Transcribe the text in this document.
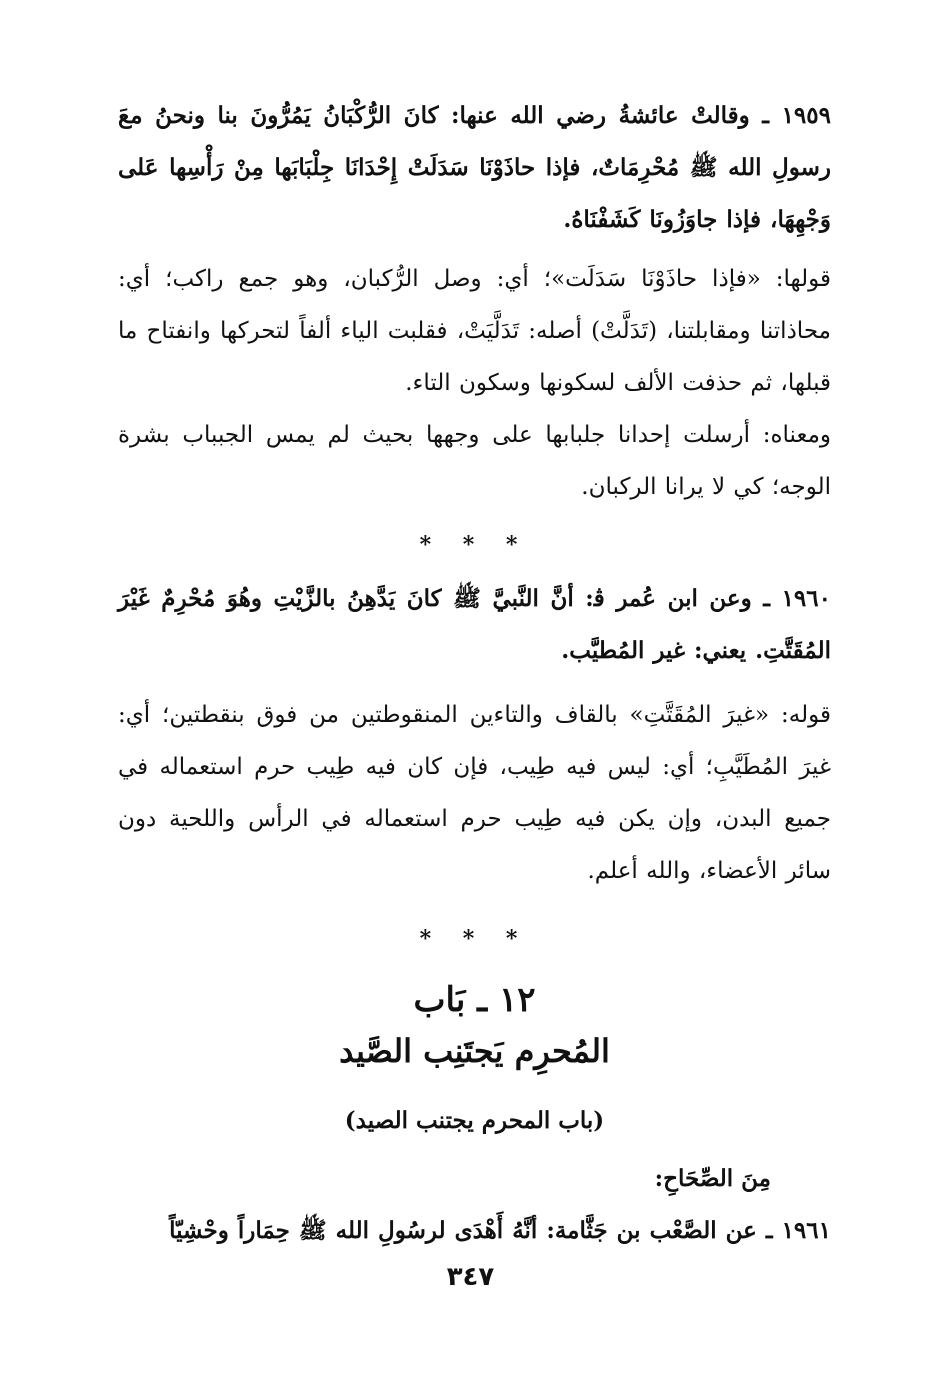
١٩٥٩ ـ وقالتْ عائشةُ رضي الله عنها: كانَ الرُّكْبَانُ يَمُرُّونَ بنا ونحنُ معَ رسولِ الله ﷺ مُحْرِمَاتٌ، فإذا حاذَوْنَا سَدَلَتْ إِحْدَانَا جِلْبَابَها مِنْ رَأْسِها عَلى وَجْهِهَا، فإذا جاوَزُونَا كَشَفْنَاهُ.

قولها: «فإذا حاذَوْنَا سَدَلَت»؛ أي: وصل الرُّكبان، وهو جمع راكب؛ أي: محاذاتنا ومقابلتنا، (تَدَلَّتْ) أصله: تَدَلَّيَتْ، فقلبت الياء ألفاً لتحركها وانفتاح ما قبلها، ثم حذفت الألف لسكونها وسكون التاء.

ومعناه: أرسلت إحدانا جلبابها على وجهها بحيث لم يمس الجبباب بشرة الوجه؛ كي لا يرانا الركبان.

* * *

١٩٦٠ ـ وعن ابن عُمر ﭬ: أنَّ النَّبيَّ ﷺ كانَ يَدَّهِنُ بالزَّيْتِ وهُوَ مُحْرِمٌ غَيْرَ المُقَتَّتِ. يعني: غير المُطيَّب.

قوله: «غيرَ المُقَتَّتِ» بالقاف والتاءين المنقوطتين من فوق بنقطتين؛ أي: غيرَ المُطَيَّبِ؛ أي: ليس فيه طِيب، فإن كان فيه طِيب حرم استعماله في جميع البدن، وإن يكن فيه طِيب حرم استعماله في الرأس واللحية دون سائر الأعضاء، والله أعلم.

* * *
١٢ ـ بَاب
المُحرِم يَجتَنِب الصَّيد
(باب المحرم يجتنب الصيد)
مِنَ الصِّحَاحِ:

١٩٦١ ـ عن الصَّعْب بن جَثَّامة: أنَّهُ أَهْدَى لرسُولِ الله ﷺ حِمَاراً وحْشِيّاً

٣٤٧
